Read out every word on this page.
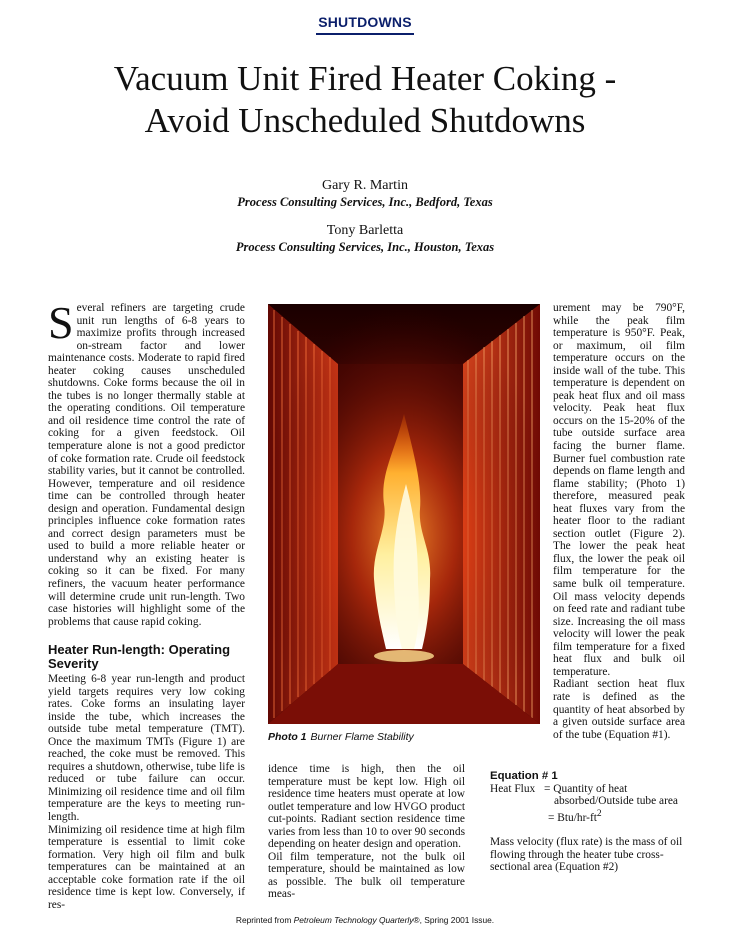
SHUTDOWNS
Vacuum Unit Fired Heater Coking -
Avoid Unscheduled Shutdowns
Gary R. Martin
Process Consulting Services, Inc., Bedford, Texas
Tony Barletta
Process Consulting Services, Inc., Houston, Texas

Several refiners are targeting crude unit run lengths of 6-8 years to maximize profits through increased on-stream factor and lower maintenance costs. Moderate to rapid fired heater coking causes unscheduled shutdowns. Coke forms because the oil in the tubes is no longer thermally stable at the operating conditions. Oil temperature and oil residence time control the rate of coking for a given feedstock. Oil temperature alone is not a good predictor of coke formation rate. Crude oil feedstock stability varies, but it cannot be controlled. However, temperature and oil residence time can be controlled through heater design and operation. Fundamental design principles influence coke formation rates and correct design parameters must be used to build a more reliable heater or understand why an existing heater is coking so it can be fixed. For many refiners, the vacuum heater performance will determine crude unit run-length. Two case histories will highlight some of the problems that cause rapid coking.

Heater Run-length: Operating Severity

Meeting 6-8 year run-length and product yield targets requires very low coking rates. Coke forms an insulating layer inside the tube, which increases the outside tube metal temperature (TMT). Once the maximum TMTs (Figure 1) are reached, the coke must be removed. This requires a shutdown, otherwise, tube life is reduced or tube failure can occur. Minimizing oil residence time and oil film temperature are the keys to meeting run-length.

Minimizing oil residence time at high film temperature is essential to limit coke formation. Very high oil film and bulk temperatures can be maintained at an acceptable coke formation rate if the oil residence time is kept low. Conversely, if res-

Photo 1 Burner Flame Stability

urement may be 790°F, while the peak film temperature is 950°F. Peak, or maximum, oil film temperature occurs on the inside wall of the tube. This temperature is dependent on peak heat flux and oil mass velocity. Peak heat flux occurs on the 15-20% of the tube outside surface area facing the burner flame. Burner fuel combustion rate depends on flame length and flame stability; (Photo 1) therefore, measured peak heat fluxes vary from the heater floor to the radiant section outlet (Figure 2). The lower the peak heat flux, the lower the peak oil film temperature for the same bulk oil temperature. Oil mass velocity depends on feed rate and radiant tube size. Increasing the oil mass velocity will lower the peak film temperature for a fixed heat flux and bulk oil temperature.

Radiant section heat flux rate is defined as the quantity of heat absorbed by a given outside surface area of the tube (Equation #1).

idence time is high, then the oil temperature must be kept low. High oil residence time heaters must operate at low outlet temperature and low HVGO product cut-points. Radiant section residence time varies from less than 10 to over 90 seconds depending on heater design and operation.

Oil film temperature, not the bulk oil temperature, should be maintained as low as possible. The bulk oil temperature meas-

Equation # 1
Heat Flux = Quantity of heat
absorbed/Outside tube area
= Btu/$hr-ft^2$
Mass velocity (flux rate) is the mass of oil flowing through the heater tube cross-sectional area (Equation #2)
Reprinted from Petroleum Technology Quarterly®, Spring 2001 Issue.
